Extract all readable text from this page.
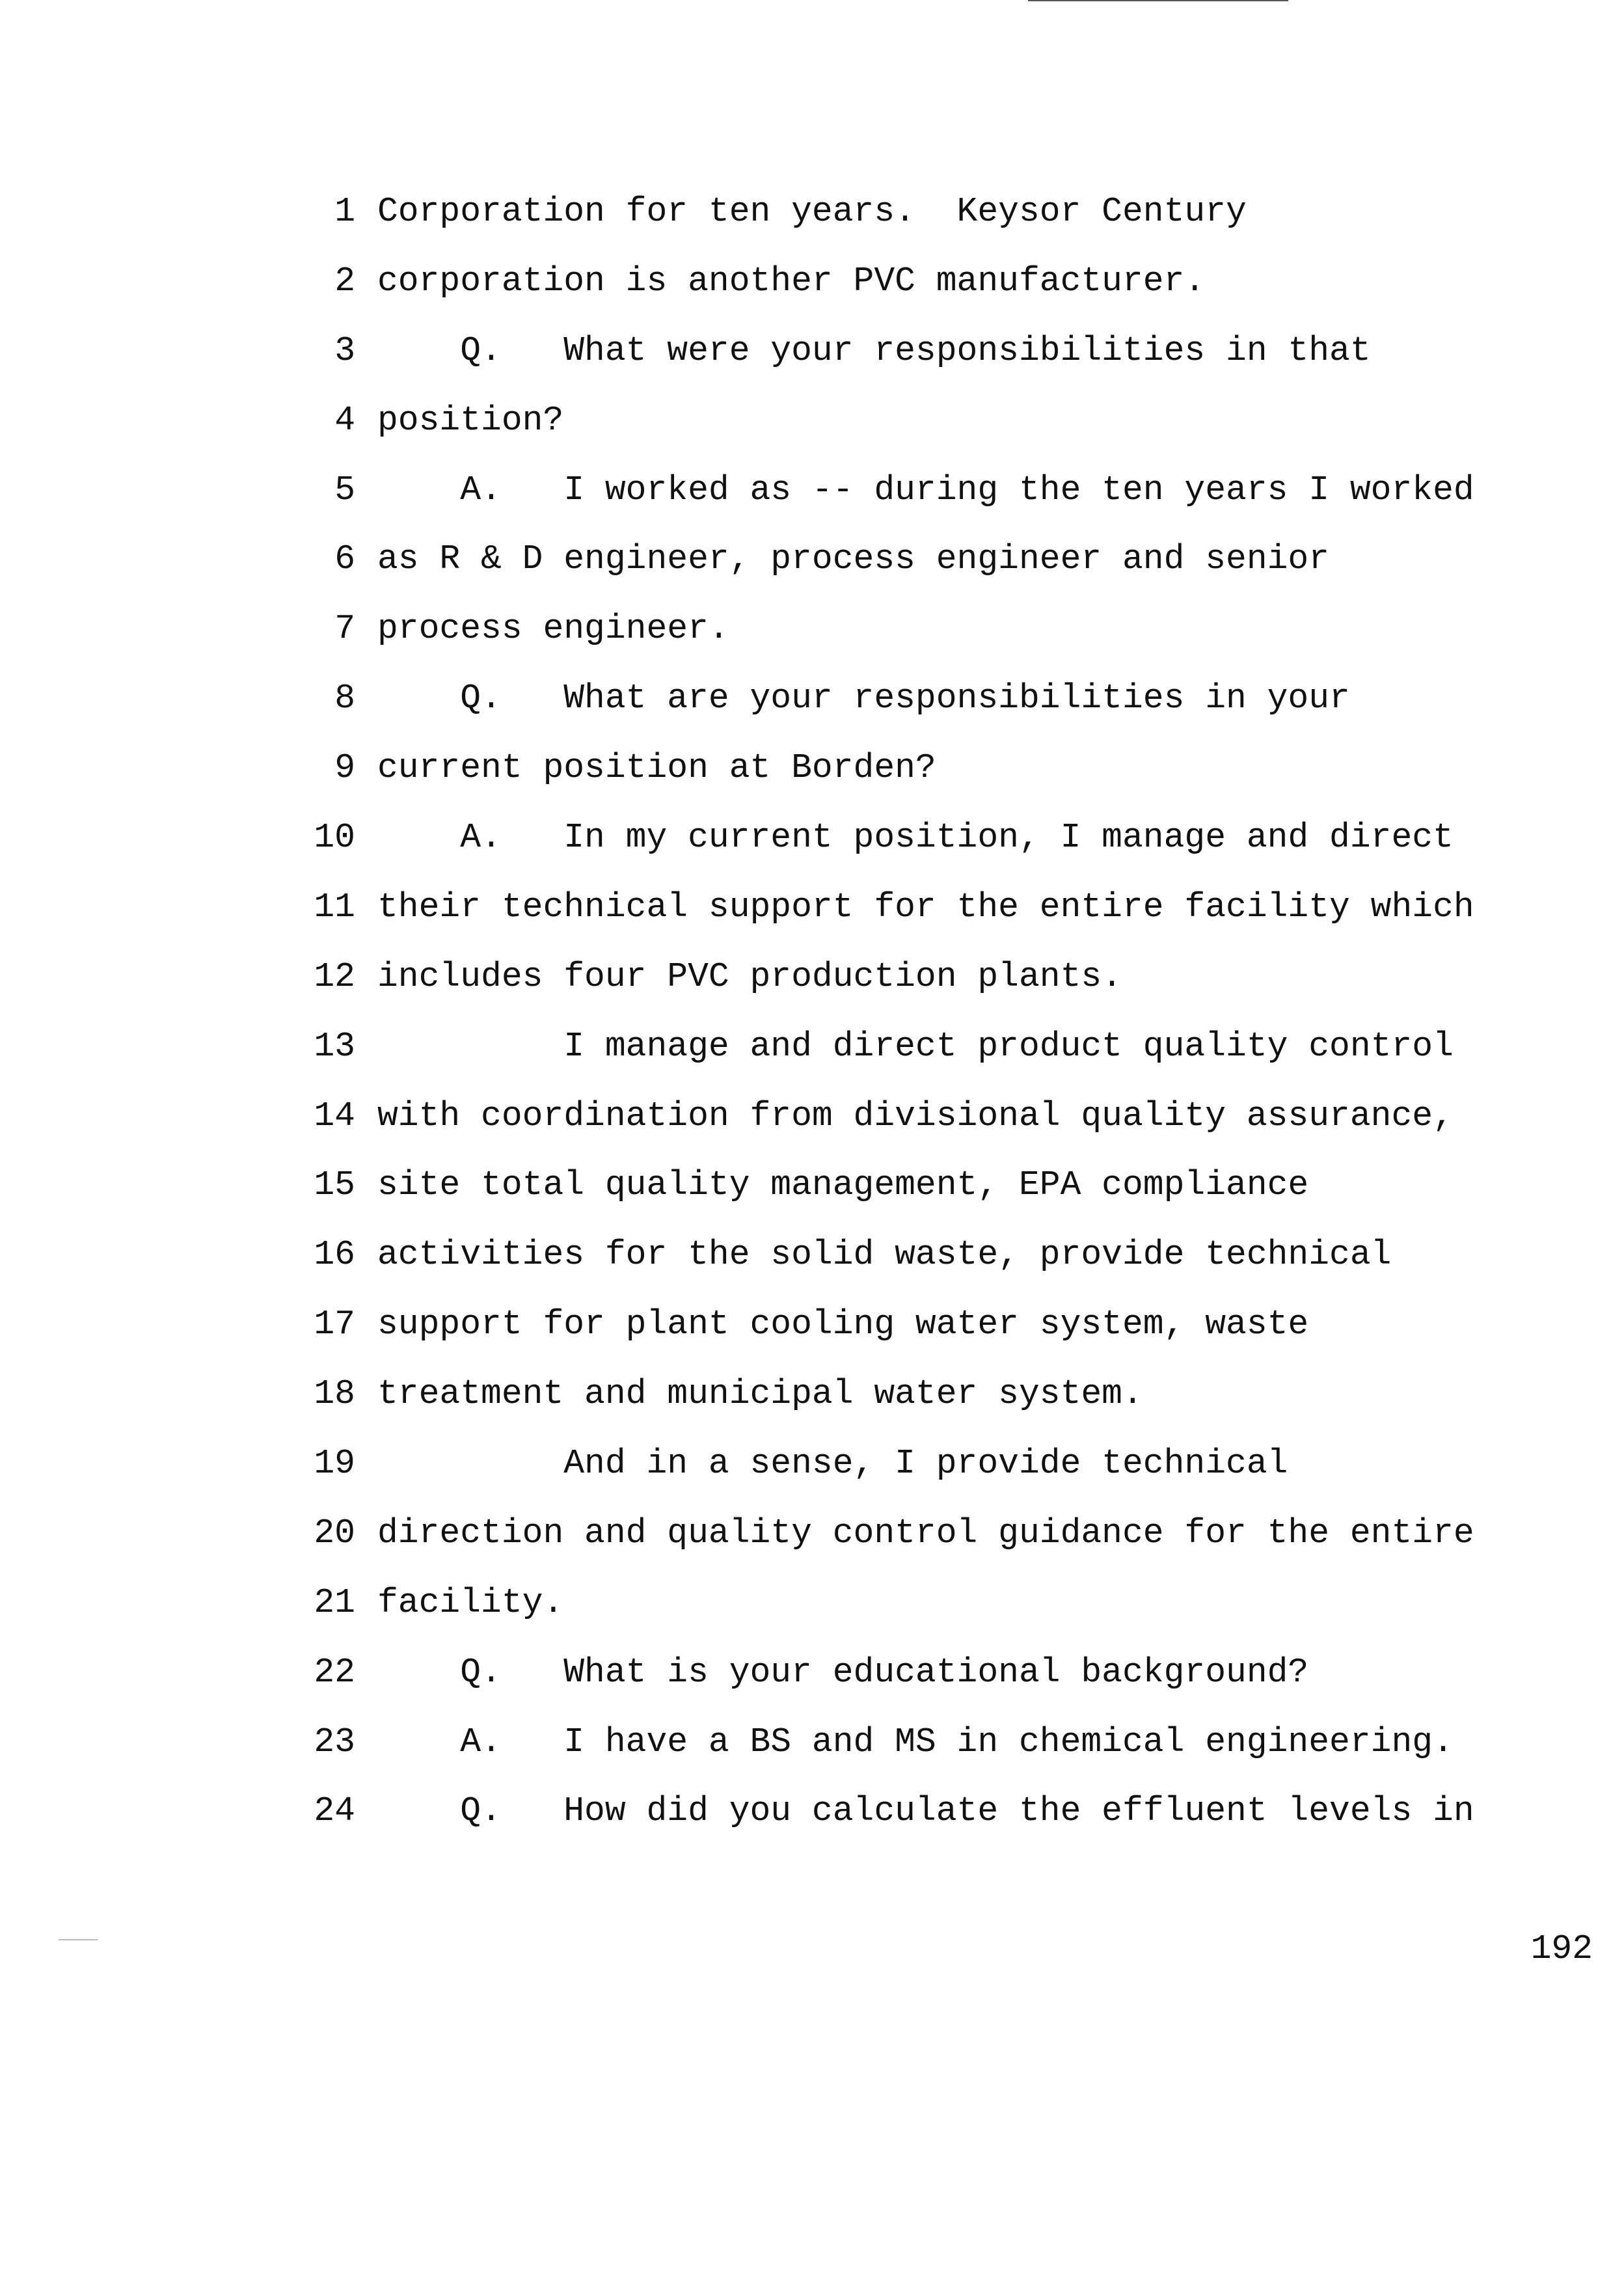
1 Corporation for ten years.  Keysor Century
2 corporation is another PVC manufacturer.
3 Q.   What were your responsibilities in that
4 position?
5 A.   I worked as -- during the ten years I worked
6 as R & D engineer, process engineer and senior
7 process engineer.
8 Q.   What are your responsibilities in your
9 current position at Borden?
10 A.   In my current position, I manage and direct
11 their technical support for the entire facility which
12 includes four PVC production plants.
13 I manage and direct product quality control
14 with coordination from divisional quality assurance,
15 site total quality management, EPA compliance
16 activities for the solid waste, provide technical
17 support for plant cooling water system, waste
18 treatment and municipal water system.
19 And in a sense, I provide technical
20 direction and quality control guidance for the entire
21 facility.
22 Q.   What is your educational background?
23 A.   I have a BS and MS in chemical engineering.
24 Q.   How did you calculate the effluent levels in
192
